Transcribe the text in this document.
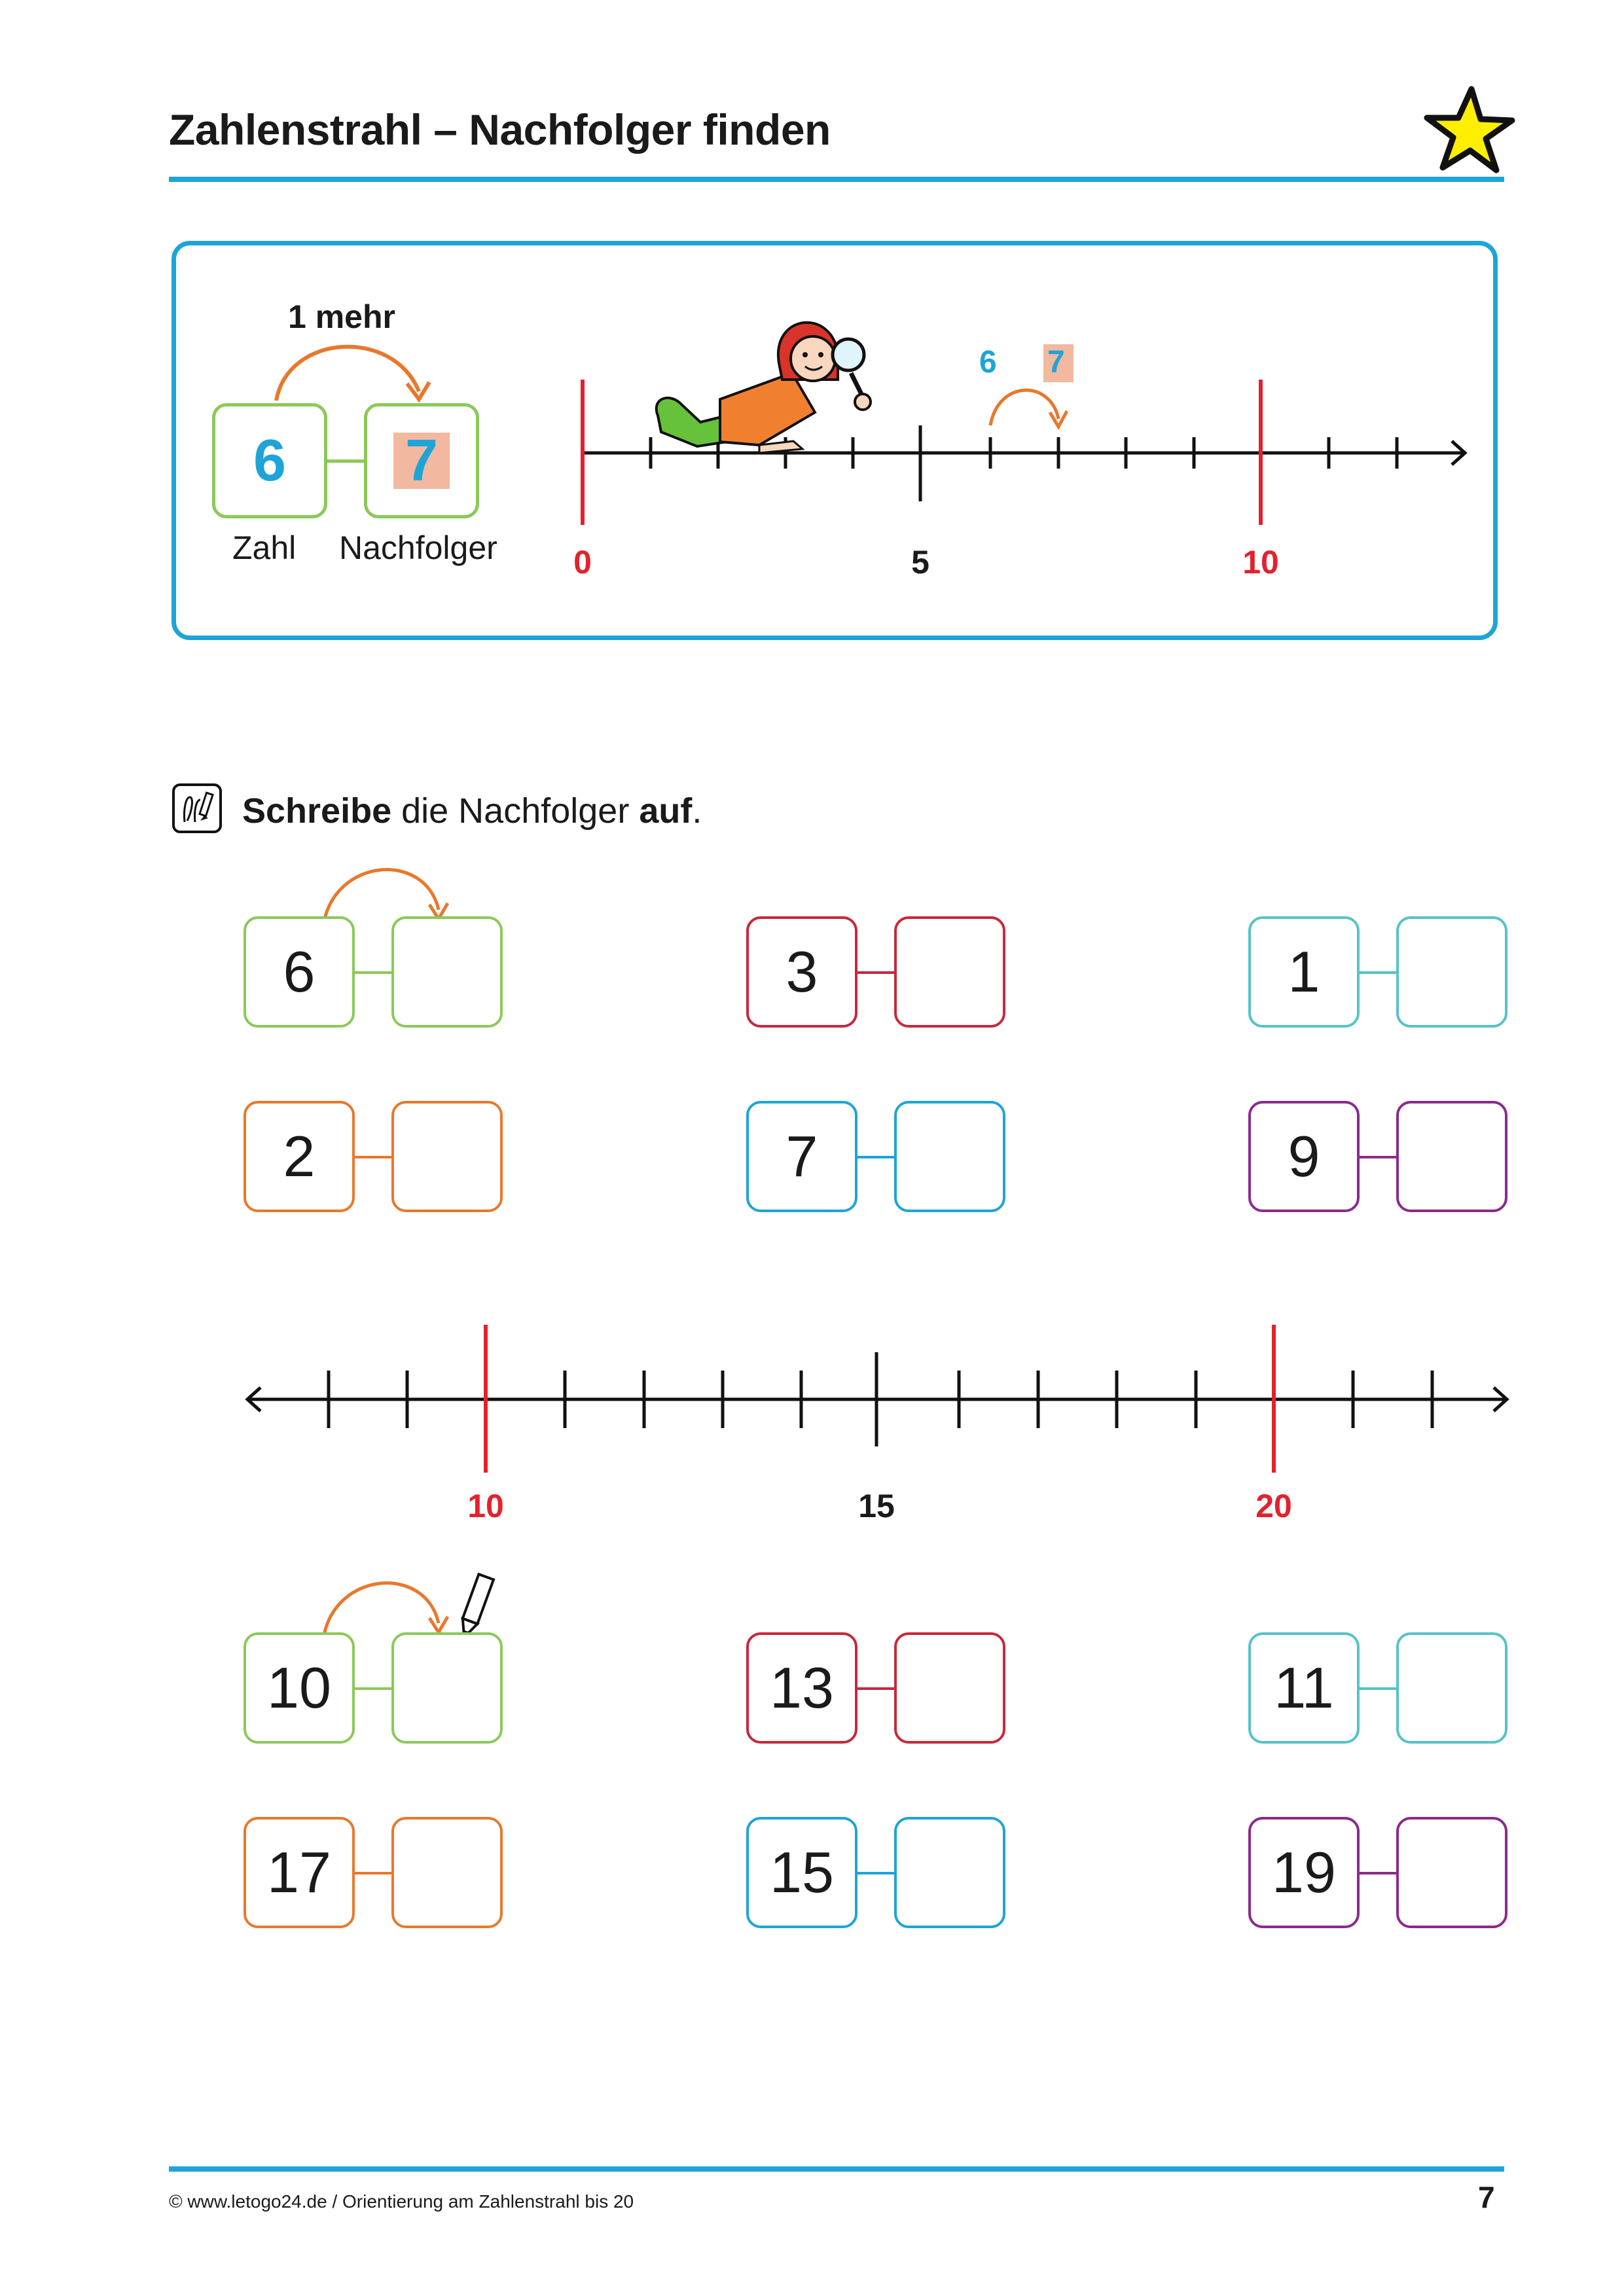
Zahlenstrahl – Nachfolger finden
1 mehr
6	7
Zahl Nachfolger	0	5	10
6 7
Schreibe die Nachfolger auf.
6	3	1
2	7	9
10	15	20
10	13	11
17	15	19
© www.letogo24.de / Orientierung am Zahlenstrahl bis 20	7
